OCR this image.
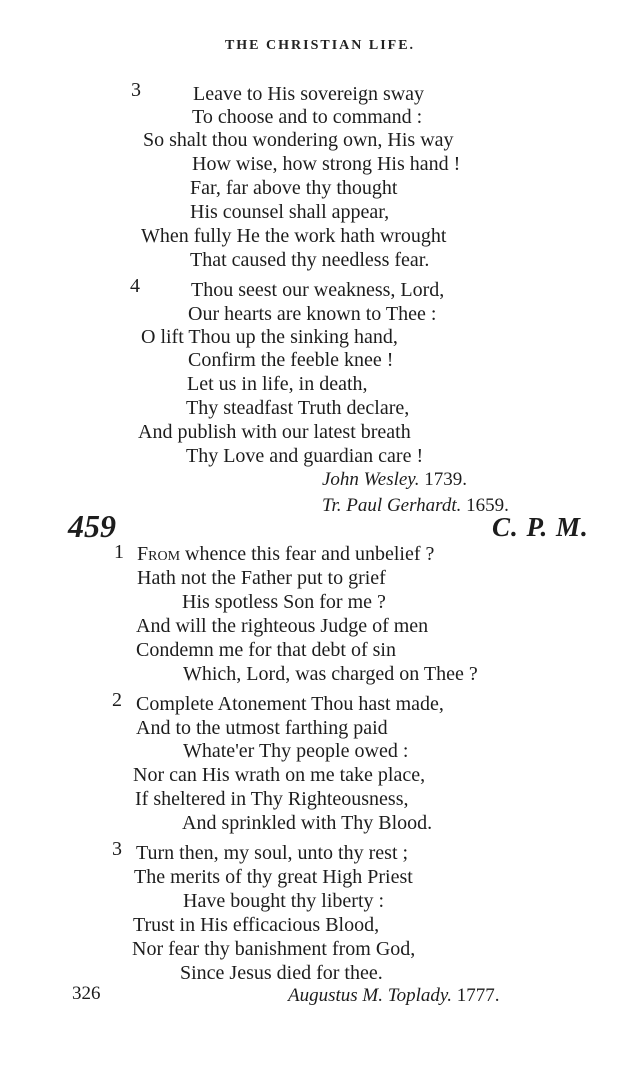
THE CHRISTIAN LIFE.
3	Leave to His sovereign sway
To choose and to command :
So shalt thou wondering own, His way
How wise, how strong His hand !
Far, far above thy thought
His counsel shall appear,
When fully He the work hath wrought
That caused thy needless fear.
4	Thou seest our weakness, Lord,
Our hearts are known to Thee :
O lift Thou up the sinking hand,
Confirm the feeble knee !
Let us in life, in death,
Thy steadfast Truth declare,
And publish with our latest breath
Thy Love and guardian care !
John Wesley. 1739.
Tr. Paul Gerhardt. 1659.
459	C. P. M.
1 From whence this fear and unbelief ?
Hath not the Father put to grief
His spotless Son for me ?
And will the righteous Judge of men
Condemn me for that debt of sin
Which, Lord, was charged on Thee ?
2 Complete Atonement Thou hast made,
And to the utmost farthing paid
Whate'er Thy people owed :
Nor can His wrath on me take place,
If sheltered in Thy Righteousness,
And sprinkled with Thy Blood.
3 Turn then, my soul, unto thy rest ;
The merits of thy great High Priest
Have bought thy liberty :
Trust in His efficacious Blood,
Nor fear thy banishment from God,
Since Jesus died for thee.
326	Augustus M. Toplady. 1777.
